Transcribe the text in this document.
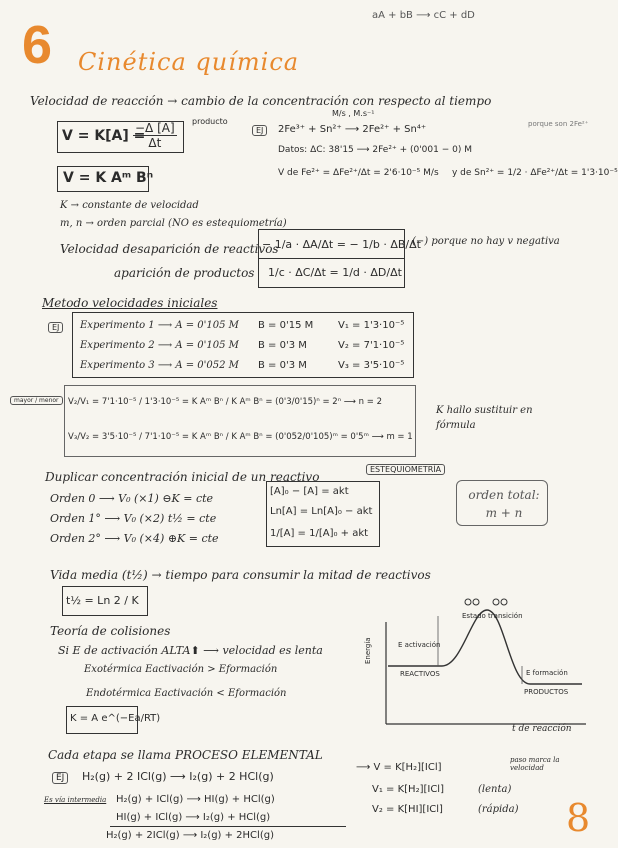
6 Cinética química
aA + bB ⟶ cC + dD
Velocidad de reacción → cambio de la concentración con respecto al tiempo
M/s , M.s⁻¹
V = K[A] =
$\frac{-\Delta [A]}{\Delta t}$ producto
V = K Aᵐ Bⁿ
K → constante de velocidad
m, n → orden parcial (NO es estequiometría)
Velocidad desaparición de reactivos
aparición de productos
− 1/a · ΔA/Δt = − 1/b · ΔB/Δt
1/c · ΔC/Δt = 1/d · ΔD/Δt
(−) porque no hay v negativa
EJ	2Fe³⁺ + Sn²⁺ ⟶ 2Fe²⁺ + Sn⁴⁺
Datos: ΔC: 38'15 ⟶ 2Fe²⁺ + (0'001 − 0) M
V de Fe²⁺ = ΔFe²⁺/Δt = 2'6·10⁻⁵ M/s y de Sn²⁺ = 1/2 · ΔFe²⁺/Δt = 1'3·10⁻⁵
porque son 2Fe²⁺
Metodo velocidades iniciales
EJ	Experimento 1 ⟶ A = 0'105 M B = 0'15 M V₁ = 1'3·10⁻⁵
Experimento 2 ⟶ A = 0'105 M B = 0'3 M	V₂ = 7'1·10⁻⁵
Experimento 3 ⟶ A = 0'052 M B = 0'3 M	V₃ = 3'5·10⁻⁵
mayor / menor	V₂/V₁ = 7'1·10⁻⁵ / 1'3·10⁻⁵ = K Aᵐ Bⁿ / K Aᵐ Bⁿ = (0'3/0'15)ⁿ = 2ⁿ ⟶ n = 2
V₃/V₂ = 3'5·10⁻⁵ / 7'1·10⁻⁵ = K Aᵐ Bⁿ / K Aᵐ Bⁿ = (0'052/0'105)ᵐ = 0'5ᵐ ⟶ m = 1
K hallo sustituir en fórmula
Duplicar concentración inicial de un reactivo
ESTEQUIOMETRÍA
Orden 0 ⟶ V₀ (×1) ⊖K = cte
Orden 1° ⟶ V₀ (×2) t½ = cte
Orden 2° ⟶ V₀ (×4) ⊕K = cte
[A]₀ − [A] = akt
Ln[A] = Ln[A]₀ − akt
1/[A] = 1/[A]₀ + akt
orden total: m + n
Vida media (t½) → tiempo para consumir la mitad de reactivos
t½ = Ln 2 / K
Teoría de colisiones
Si E de activación ALTA⬆ ⟶ velocidad es lenta
Exotérmica Eactivación > Eformación
Endotérmica Eactivación < Eformación
K = A e^(−Ea/RT)
Energía
Estado transición
E activación
E formación
REACTIVOS
PRODUCTOS
t de reacción
Cada etapa se llama PROCESO ELEMENTAL
EJ	H₂(g) + 2 ICl(g) ⟶ I₂(g) + 2 HCl(g)
⟶ V = K[H₂][ICl]
paso marca la velocidad
Es vía intermedia H₂(g) + ICl(g) ⟶ HI(g) + HCl(g)
V₁ = K[H₂][ICl]	(lenta)
HI(g) + ICl(g) ⟶ I₂(g) + HCl(g)
V₂ = K[HI][ICl]	(rápida)
H₂(g) + 2ICl(g) ⟶ I₂(g) + 2HCl(g)	8
